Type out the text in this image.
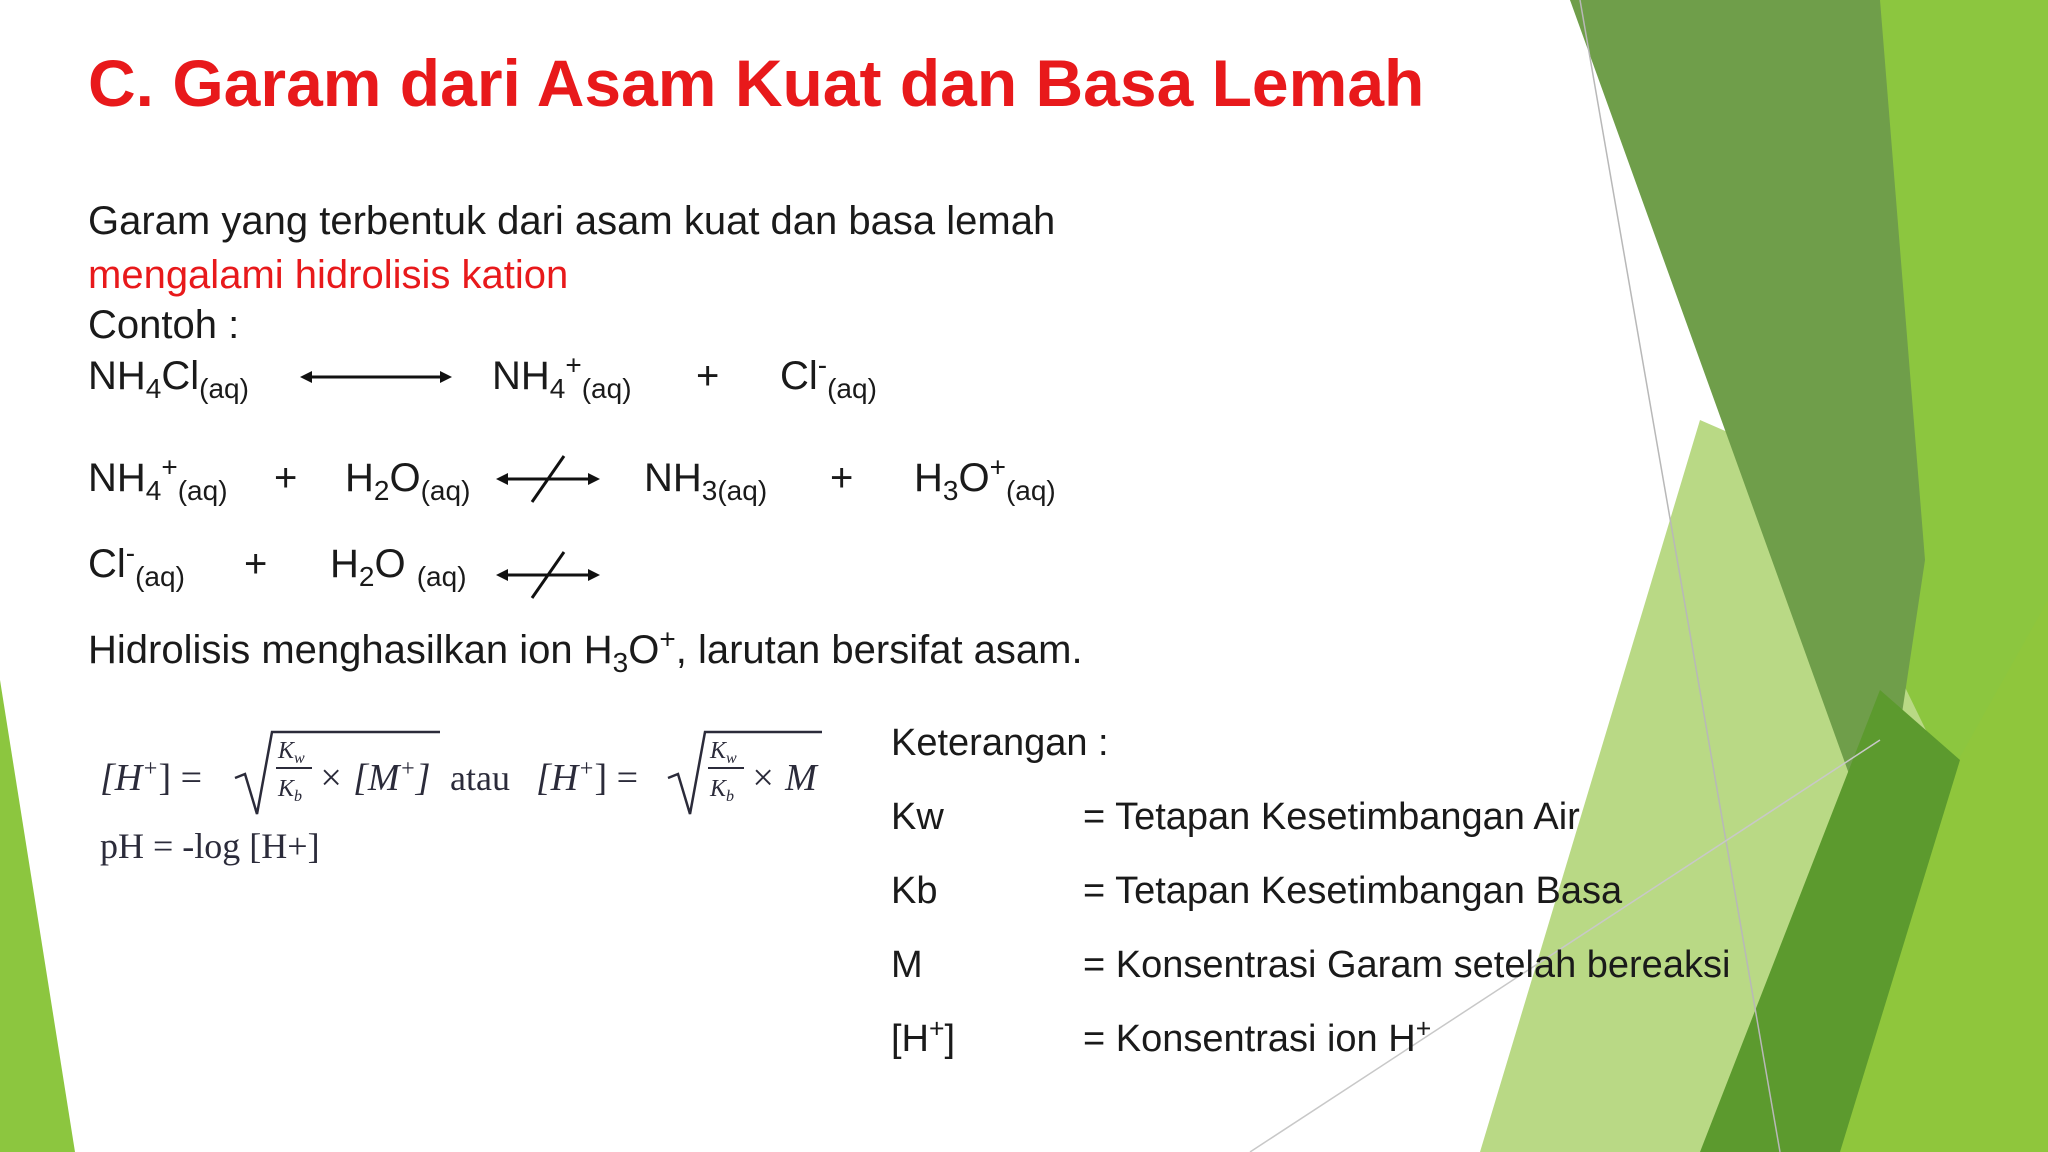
C. Garam dari Asam Kuat dan Basa Lemah
Garam yang terbentuk dari asam kuat dan basa lemah
mengalami hidrolisis kation
Contoh :
$NH_4Cl_{(aq)}$	$NH_4^+_{(aq)} + Cl^-_{(aq)}$
$NH_4^+_{(aq)} + H_2O_{(aq)}$	$NH_{3(aq)} + H_3O^+_{(aq)}$
$Cl^-_{(aq)} + H_2O$ $_{(aq)}$
Hidrolisis menghasilkan ion $H_3O^+$, larutan bersifat asam.
[H+] =
$K_w$
$K_b \times [M^+]$ atau [H+] =
$K_w$
$K_b \times M$
pH = -log [H+]
Keterangan :
Kw	= Tetapan Kesetimbangan Air
Kb	= Tetapan Kesetimbangan Basa
M	= Konsentrasi Garam setelah bereaksi
[H+]	= Konsentrasi ion H+
